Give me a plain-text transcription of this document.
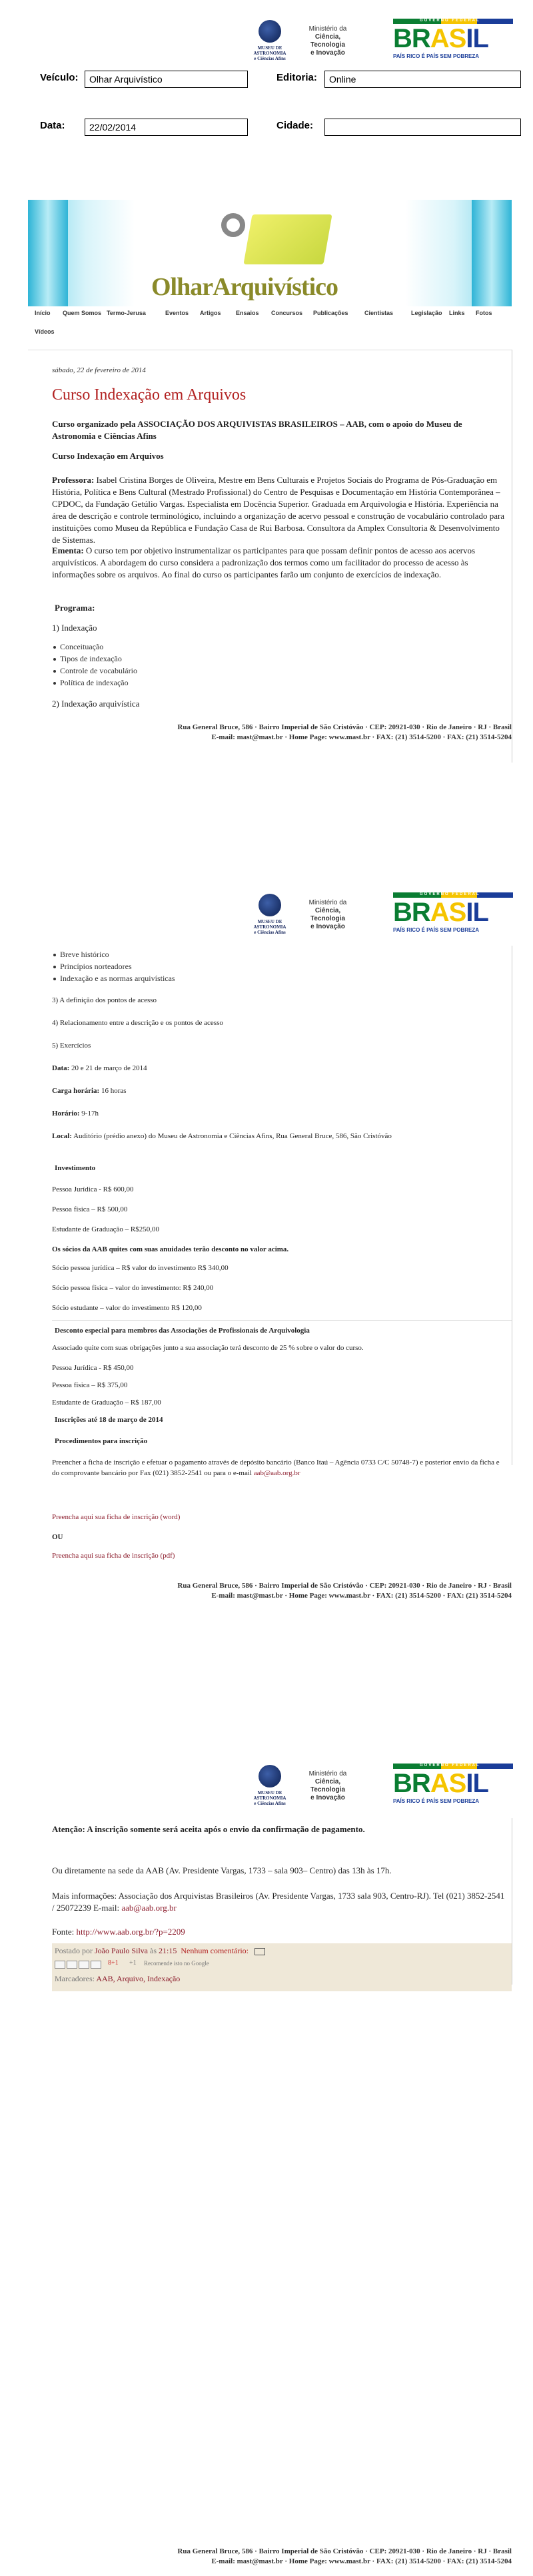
MUSEU DE ASTRONOMIA
e Ciências Afins
Ministério da
Ciência, Tecnologia
e Inovação
GOVERNO FEDERAL
BRASIL
PAÍS RICO É PAÍS SEM POBREZA
Veículo:	Olhar Arquivístico	Editoria:	Online
Data:	22/02/2014	Cidade:
OlharArquivístico
Início Quem Somos Termo-Jerusa	Eventos Artigos	Ensaios Concursos Publicações	Cientistas	Legislação Links Fotos
Vídeos
sábado, 22 de fevereiro de 2014
Curso Indexação em Arquivos
Curso organizado pela ASSOCIAÇÃO DOS ARQUIVISTAS BRASILEIROS – AAB, com o apoio do Museu de Astronomia e Ciências Afins
Curso Indexação em Arquivos
Professora: Isabel Cristina Borges de Oliveira, Mestre em Bens Culturais e Projetos Sociais do Programa de Pós-Graduação em História, Política e Bens Cultural (Mestrado Profissional) do Centro de Pesquisas e Documentação em História Contemporânea – CPDOC, da Fundação Getúlio Vargas. Especialista em Docência Superior. Graduada em Arquivologia e História. Experiência na área de descrição e controle terminológico, incluindo a organização de acervo pessoal e construção de vocabulário controlado para instituições como Museu da República e Fundação Casa de Rui Barbosa. Consultora da Amplex Consultoria & Desenvolvimento de Sistemas.
Ementa: O curso tem por objetivo instrumentalizar os participantes para que possam definir pontos de acesso aos acervos arquivísticos. A abordagem do curso considera a padronização dos termos como um facilitador do processo de acesso às informações sobre os arquivos. Ao final do curso os participantes farão um conjunto de exercícios de indexação.
Programa:
1) Indexação
Conceituação
Tipos de indexação
Controle de vocabulário
Política de indexação
2) Indexação arquivística
Rua General Bruce, 586 · Bairro Imperial de São Cristóvão · CEP: 20921-030 · Rio de Janeiro · RJ · Brasil
E-mail: mast@mast.br · Home Page: www.mast.br · FAX: (21) 3514-5200 · FAX: (21) 3514-5204
MUSEU DE ASTRONOMIA
e Ciências Afins
Ministério da
Ciência, Tecnologia
e Inovação
GOVERNO FEDERAL
BRASIL
PAÍS RICO É PAÍS SEM POBREZA
Breve histórico
Princípios norteadores
Indexação e as normas arquivísticas
3) A definição dos pontos de acesso
4) Relacionamento entre a descrição e os pontos de acesso
5) Exercícios
Data: 20 e 21 de março de 2014
Carga horária: 16 horas
Horário: 9-17h
Local: Auditório (prédio anexo) do Museu de Astronomia e Ciências Afins, Rua General Bruce, 586, São Cristóvão
Investimento
Pessoa Jurídica - R$ 600,00
Pessoa física – R$ 500,00
Estudante de Graduação – R$250,00
Os sócios da AAB quites com suas anuidades terão desconto no valor acima.
Sócio pessoa jurídica – R$ valor do investimento R$ 340,00
Sócio pessoa física – valor do investimento: R$ 240,00
Sócio estudante – valor do investimento R$ 120,00
Desconto especial para membros das Associações de Profissionais de Arquivologia
Associado quite com suas obrigações junto a sua associação terá desconto de 25 % sobre o valor do curso.
Pessoa Jurídica - R$ 450,00
Pessoa física – R$ 375,00
Estudante de Graduação – R$ 187,00
Inscrições até 18 de março de 2014
Procedimentos para inscrição
Preencher a ficha de inscrição e efetuar o pagamento através de depósito bancário (Banco Itaú – Agência 0733 C/C 50748-7) e posterior envio da ficha e do comprovante bancário por Fax (021) 3852-2541 ou para o e-mail aab@aab.org.br
Preencha aqui sua ficha de inscrição (word)
OU
Preencha aqui sua ficha de inscrição (pdf)
Rua General Bruce, 586 · Bairro Imperial de São Cristóvão · CEP: 20921-030 · Rio de Janeiro · RJ · Brasil
E-mail: mast@mast.br · Home Page: www.mast.br · FAX: (21) 3514-5200 · FAX: (21) 3514-5204
MUSEU DE ASTRONOMIA
e Ciências Afins
Ministério da
Ciência, Tecnologia
e Inovação
GOVERNO FEDERAL
BRASIL
PAÍS RICO É PAÍS SEM POBREZA
Atenção: A inscrição somente será aceita após o envio da confirmação de pagamento.
Ou diretamente na sede da AAB (Av. Presidente Vargas, 1733 – sala 903– Centro) das 13h às 17h.
Mais informações: Associação dos Arquivistas Brasileiros (Av. Presidente Vargas, 1733 sala 903, Centro-RJ). Tel (021) 3852-2541 / 25072239 E-mail: aab@aab.org.br
Fonte: http://www.aab.org.br/?p=2209
Postado por João Paulo Silva às 21:15 Nenhum comentário:
8+1 +1 Recomende isto no Google
Marcadores: AAB, Arquivo, Indexação
Rua General Bruce, 586 · Bairro Imperial de São Cristóvão · CEP: 20921-030 · Rio de Janeiro · RJ · Brasil
E-mail: mast@mast.br · Home Page: www.mast.br · FAX: (21) 3514-5200 · FAX: (21) 3514-5204
